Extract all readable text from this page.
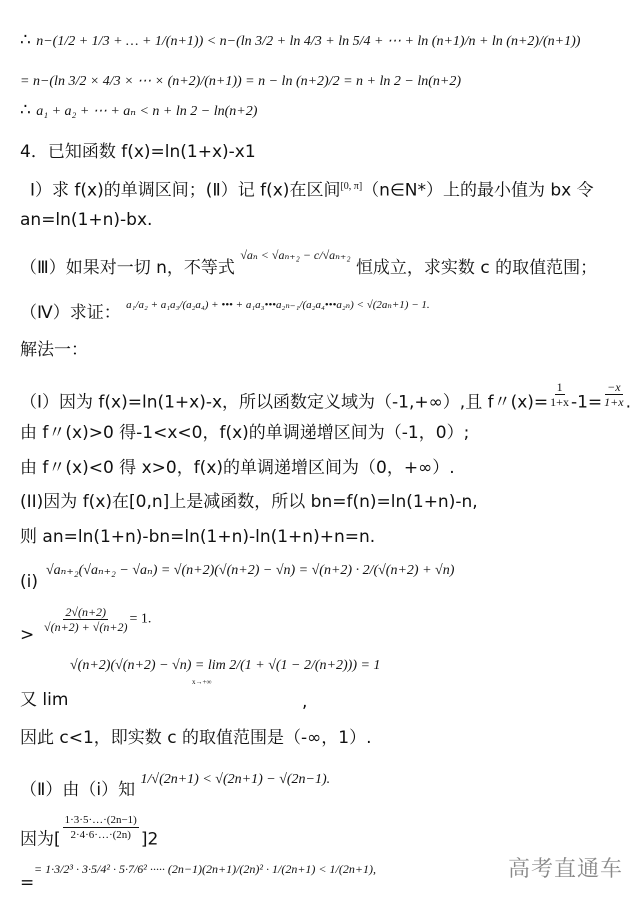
∴ n−(1/2 + 1/3 + … + 1/(n+1)) < n−(ln 3/2 + ln 4/3 + ln 5/4 + ⋯ + ln (n+1)/n + ln (n+2)/(n+1))
= n−(ln 3/2 × 4/3 × ⋯ × (n+2)/(n+1)) = n − ln (n+2)/2 = n + ln 2 − ln(n+2)
∴ a₁ + a₂ + ⋯ + aₙ < n + ln 2 − ln(n+2)
4．已知函数 f(x)=ln(1+x)-x1
Ⅰ）求 f(x)的单调区间；(Ⅱ）记 f(x)在区间[0, π]（n∈N*）上的最小值为 bx 令
an=ln(1+n)-bx.
（Ⅲ）如果对一切 n，不等式 $^{√a_n < √a_{n+2} - c/√a_{n+2}}$ 恒成立，求实数 c 的取值范围；
（Ⅳ）求证： $^{a_1/a_2 + a_1a_3/(a_2a_4) + ••• + a_1a_3•••a_{2n-1}/(a_2a_4•••a_{2n}) < √(2a_n+1) - 1.}$
解法一：
（I）因为 f(x)=ln(1+x)-x，所以函数定义域为（-1,+∞）,且 f〃$(x)= \frac{1}{1+x} -1= \frac{-x}{1+x}$ .
由 f〃(x)>0 得-1<x<0，f(x)的单调递增区间为（-1，0）;
由 f〃(x)<0 得 x>0，f(x)的单调递增区间为（0，+∞）.
(II)因为 f(x)在[0,n]上是减函数，所以 bn=f(n)=ln(1+n)-n,
则 an=ln(1+n)-bn=ln(1+n)-ln(1+n)+n=n.
(i)
√aₙ₊₂(√aₙ₊₂ − √aₙ) = √(n+2)(√(n+2) − √n) = √(n+2) · 2/(√(n+2) + √n)
>
$\frac{2√(n+2)}{√(n+2) + √(n+2)} = 1$.
√(n+2)(√(n+2) − √n) = lim 2/(1 + √(1 − 2/(n+2))) = 1
x→+∞
又 lim	,
因此 c<1，即实数 c 的取值范围是（-∞，1）.
（Ⅱ）由（i）知 $^{1/√(2n+1) < √(2n+1) - √(2n-1).}$
因为[ $\frac{1\cdot 3\cdot 5\cdot\dots\cdot(2n-1)}{2\cdot 4\cdot 6\cdot\dots\cdot(2n)} ]2$
=
= 1·3/2³ · 3·5/4² · 5·7/6² ····· (2n−1)(2n+1)/(2n)² · 1/(2n+1) < 1/(2n+1),	高考直通车
